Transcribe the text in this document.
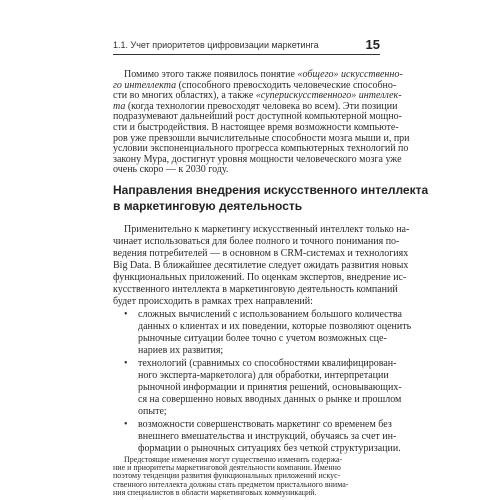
1.1. Учет приоритетов цифровизации маркетинга	15
Помимо этого также появилось понятие «общего» искусственно-
го интеллекта (способного превосходить человеческие способно-
сти во многих областях), а также «суперискусственного» интеллек-
та (когда технологии превосходят человека во всем). Эти позиции
подразумевают дальнейший рост доступной компьютерной мощно-
сти и быстродействия. В настоящее время возможности компьюте-
ров уже превзошли вычислительные способности мозга мыши и, при
условии экспоненциального прогресса компьютерных технологий по
закону Мура, достигнут уровня мощности человеческого мозга уже
Направления внедрения искусственного интеллекта
в маркетинговую деятельность
Применительно к маркетингу искусственный интеллект только на-
чинает использоваться для более полного и точного понимания по-
ведения потребителей — в основном в CRM-системах и технологиях
Big Data. В ближайшее десятилетие следует ожидать развития новых
функциональных приложений. По оценкам экспертов, внедрение ис-
кусственного интеллекта в маркетинговую деятельность компаний
будет происходить в рамках трех направлений:
• сложных вычислений с использованием большого количества
данных о клиентах и их поведении, которые позволяют оценить
рыночные ситуации более точно с учетом возможных сце-
нариев их развития;
• технологий (сравнимых со способностями квалифицирован-
ного эксперта-маркетолога) для обработки, интерпретации
рыночной информации и принятия решений, основывающих-
ся на совершенно новых вводных данных о рынке и прошлом
опыте;
• возможности совершенствовать маркетинг со временем без
внешнего вмешательства и инструкций, обучаясь за счет ин-
формации о рыночных ситуациях без четкой структуризации.
Предстоящие изменения могут существенно изменить содержа-
ние и приоритеты маркетинговой деятельности компании. Именно
поэтому тенденции развития функциональных приложений искус-
очень скоро — к 2030 году.
ственного интеллекта должны стать предметом пристального внима-
ния специалистов в области маркетинговых коммуникаций.
